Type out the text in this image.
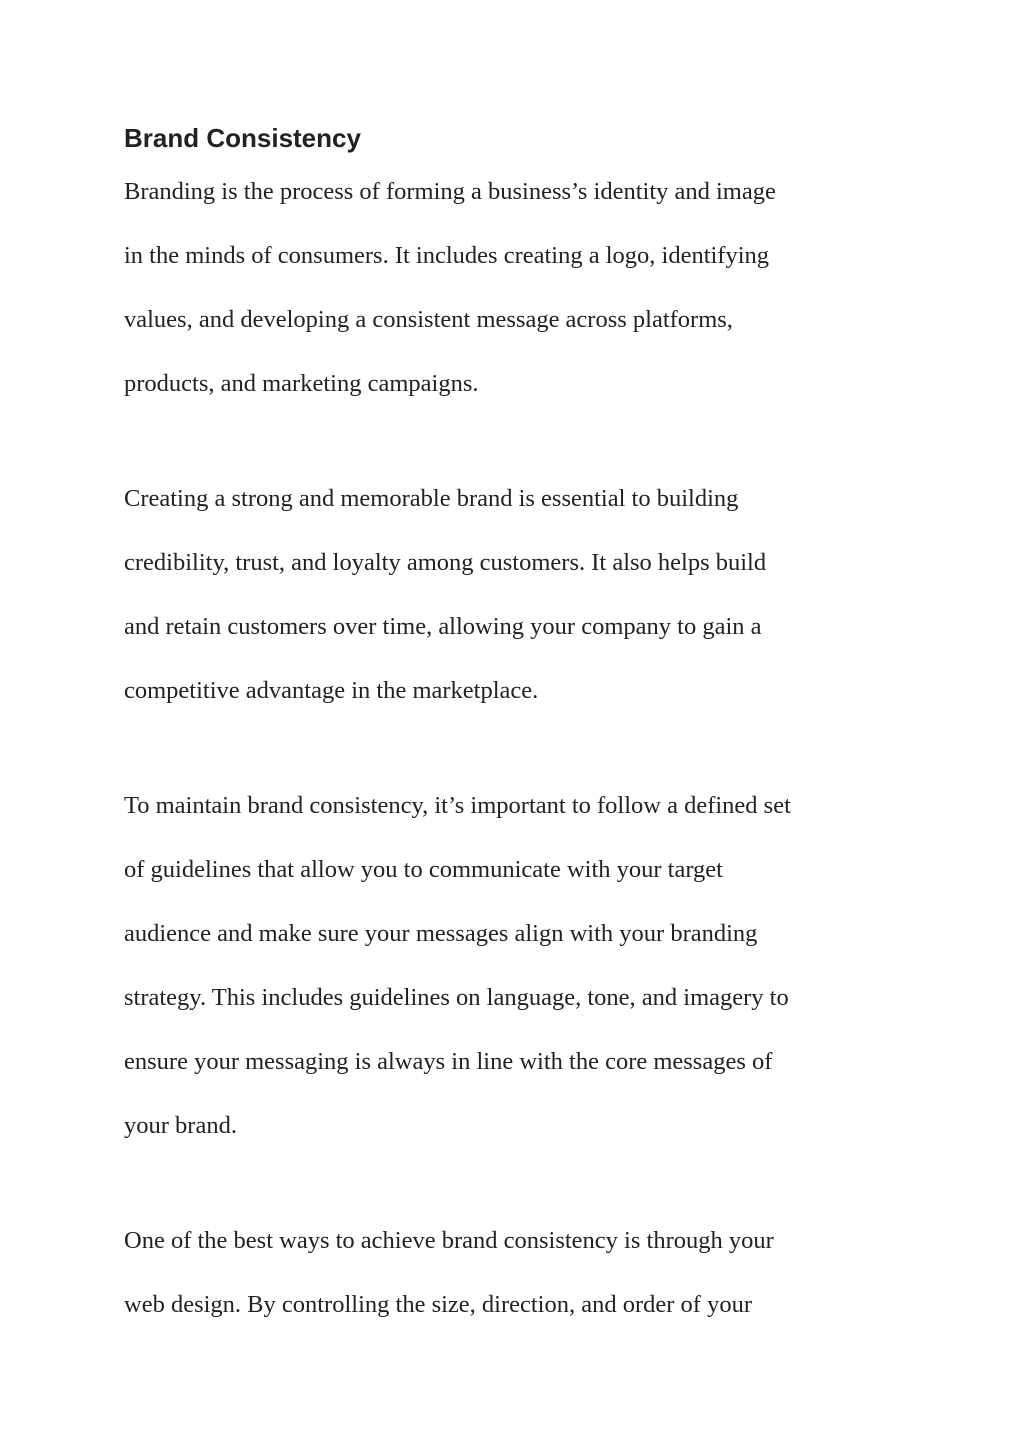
Brand Consistency

Branding is the process of forming a business’s identity and image
in the minds of consumers. It includes creating a logo, identifying
values, and developing a consistent message across platforms,
products, and marketing campaigns.

Creating a strong and memorable brand is essential to building
credibility, trust, and loyalty among customers. It also helps build
and retain customers over time, allowing your company to gain a
competitive advantage in the marketplace.

To maintain brand consistency, it’s important to follow a defined set
of guidelines that allow you to communicate with your target
audience and make sure your messages align with your branding
strategy. This includes guidelines on language, tone, and imagery to
ensure your messaging is always in line with the core messages of
your brand.

One of the best ways to achieve brand consistency is through your
web design. By controlling the size, direction, and order of your
